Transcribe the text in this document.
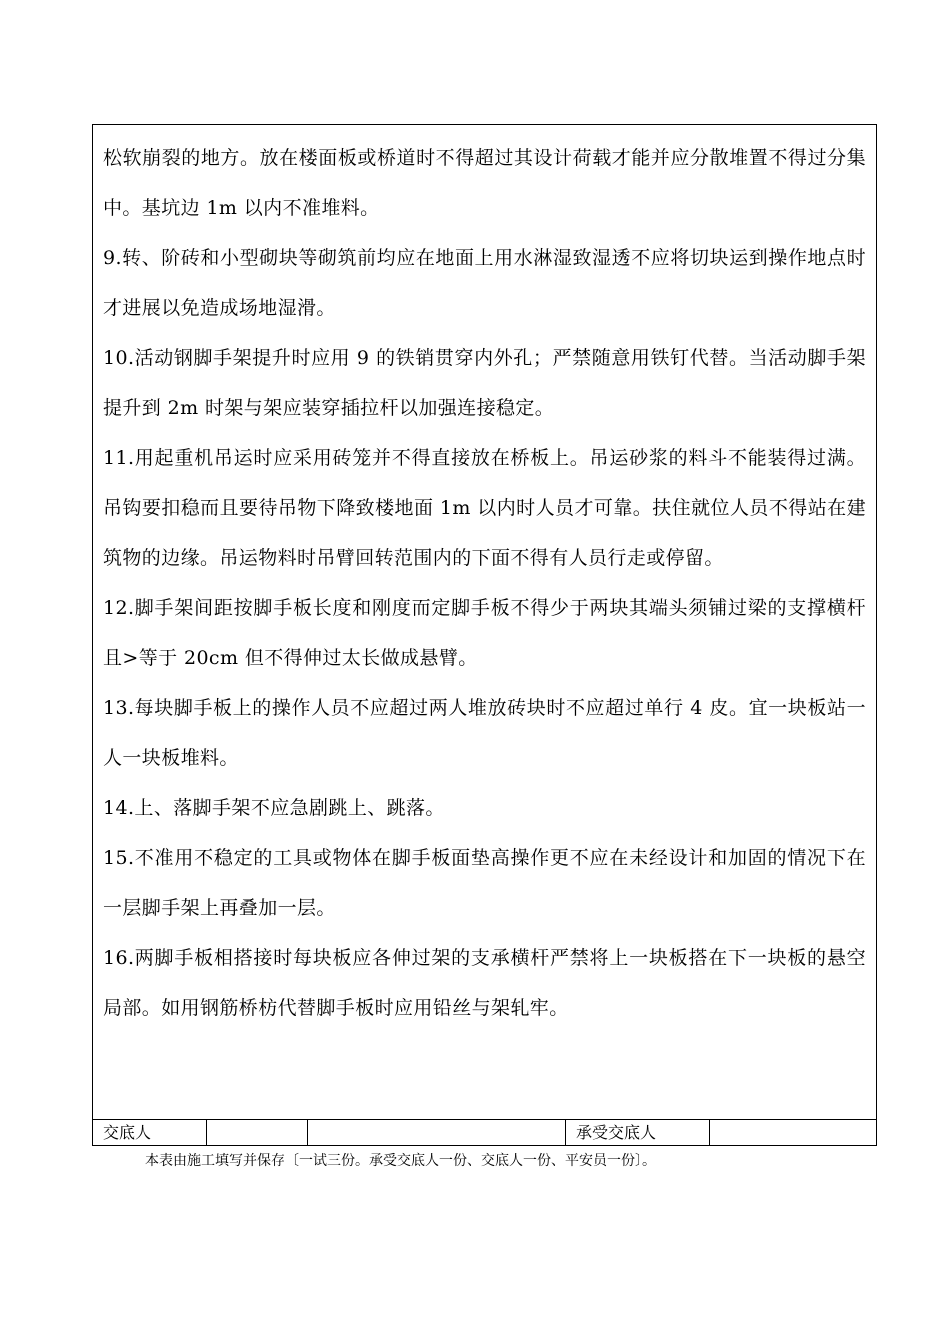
松软崩裂的地方。放在楼面板或桥道时不得超过其设计荷载才能并应分散堆置不得过分集中。基坑边 1m 以内不准堆料。

9.转、阶砖和小型砌块等砌筑前均应在地面上用水淋湿致湿透不应将切块运到操作地点时才进展以免造成场地湿滑。

10.活动钢脚手架提升时应用 9 的铁销贯穿内外孔；严禁随意用铁钉代替。当活动脚手架提升到 2m 时架与架应装穿插拉杆以加强连接稳定。

11.用起重机吊运时应采用砖笼并不得直接放在桥板上。吊运砂浆的料斗不能装得过满。吊钩要扣稳而且要待吊物下降致楼地面 1m 以内时人员才可靠。扶住就位人员不得站在建筑物的边缘。吊运物料时吊臂回转范围内的下面不得有人员行走或停留。

12.脚手架间距按脚手板长度和刚度而定脚手板不得少于两块其端头须铺过梁的支撑横杆且>等于 20cm 但不得伸过太长做成悬臂。

13.每块脚手板上的操作人员不应超过两人堆放砖块时不应超过单行 4 皮。宜一块板站一人一块板堆料。

14.上、落脚手架不应急剧跳上、跳落。

15.不准用不稳定的工具或物体在脚手板面垫高操作更不应在未经设计和加固的情况下在一层脚手架上再叠加一层。

16.两脚手板相搭接时每块板应各伸过架的支承横杆严禁将上一块板搭在下一块板的悬空局部。如用钢筋桥枋代替脚手板时应用铅丝与架轧牢。

交底人	承受交底人
本表由施工填写并保存〔一试三份。承受交底人一份、交底人一份、平安员一份〕。
